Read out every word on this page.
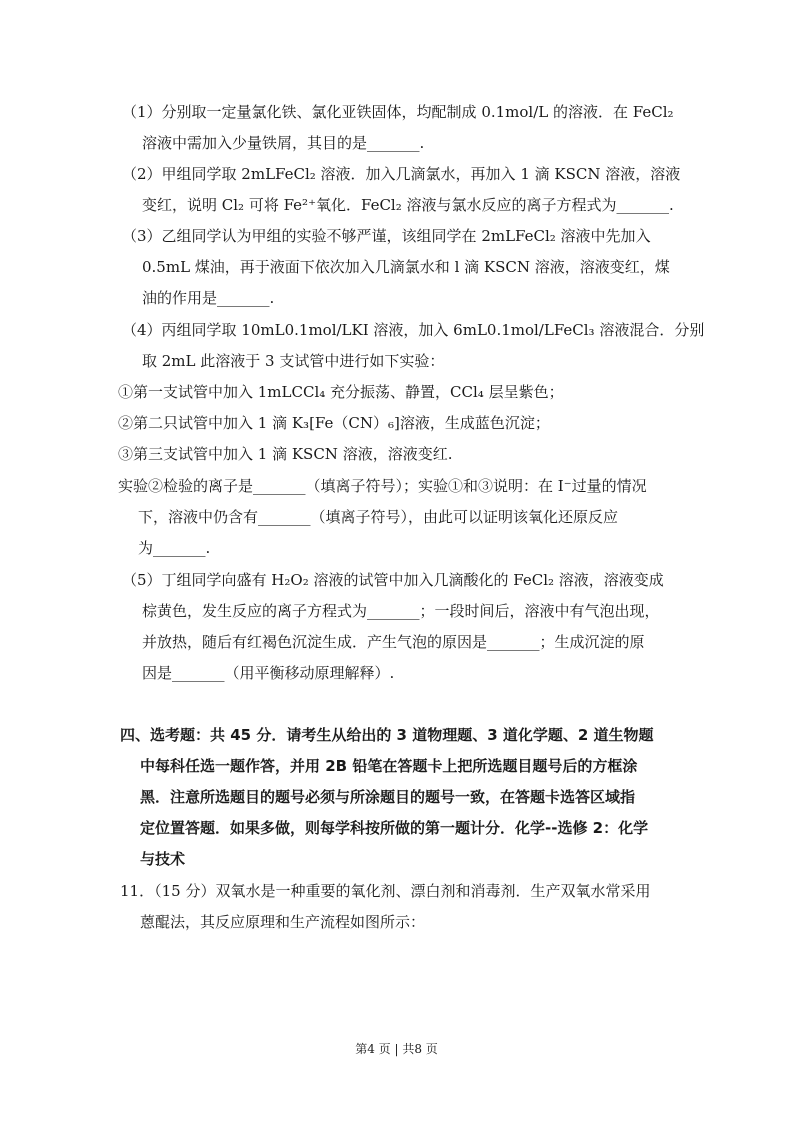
（1）分别取一定量氯化铁、氯化亚铁固体，均配制成 0.1mol/L 的溶液．在 FeCl₂
溶液中需加入少量铁屑，其目的是_______.
（2）甲组同学取 2mLFeCl₂ 溶液．加入几滴氯水，再加入 1 滴 KSCN 溶液，溶液
变红，说明 Cl₂ 可将 Fe²⁺氧化．FeCl₂ 溶液与氯水反应的离子方程式为_______.
（3）乙组同学认为甲组的实验不够严谨，该组同学在 2mLFeCl₂ 溶液中先加入
0.5mL 煤油，再于液面下依次加入几滴氯水和 l 滴 KSCN 溶液，溶液变红，煤
油的作用是_______.
（4）丙组同学取 10mL0.1mol/LKI 溶液，加入 6mL0.1mol/LFeCl₃ 溶液混合．分别
取 2mL 此溶液于 3 支试管中进行如下实验：
①第一支试管中加入 1mLCCl₄ 充分振荡、静置，CCl₄ 层呈紫色；
②第二只试管中加入 1 滴 K₃[Fe（CN）₆]溶液，生成蓝色沉淀；
③第三支试管中加入 1 滴 KSCN 溶液，溶液变红.
实验②检验的离子是_______（填离子符号）；实验①和③说明：在 I⁻过量的情况
下，溶液中仍含有_______（填离子符号），由此可以证明该氧化还原反应
为_______.
（5）丁组同学向盛有 H₂O₂ 溶液的试管中加入几滴酸化的 FeCl₂ 溶液，溶液变成
棕黄色，发生反应的离子方程式为_______；一段时间后，溶液中有气泡出现，
并放热，随后有红褐色沉淀生成．产生气泡的原因是_______；生成沉淀的原
因是_______（用平衡移动原理解释）.
四、选考题：共 45 分．请考生从给出的 3 道物理题、3 道化学题、2 道生物题
中每科任选一题作答，并用 2B 铅笔在答题卡上把所选题目题号后的方框涂
黑．注意所选题目的题号必须与所涂题目的题号一致，在答题卡选答区域指
定位置答题．如果多做，则每学科按所做的第一题计分．化学--选修 2：化学
与技术
11．（15 分）双氧水是一种重要的氧化剂、漂白剂和消毒剂．生产双氧水常采用
蒽醌法，其反应原理和生产流程如图所示：
第4 页 | 共8 页
